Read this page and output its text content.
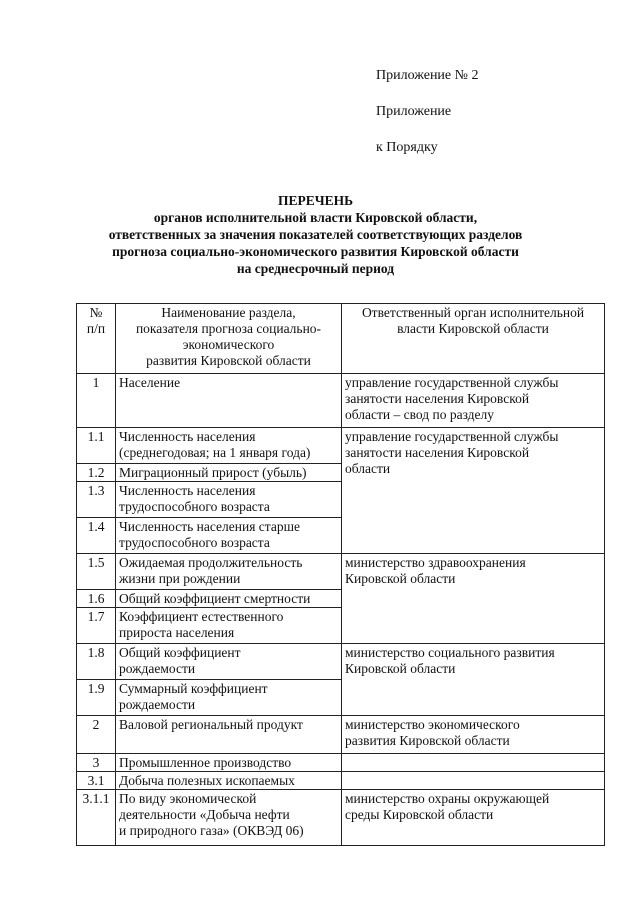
Приложение № 2
Приложение
к Порядку
ПЕРЕЧЕНЬ
органов исполнительной власти Кировской области,
ответственных за значения показателей соответствующих разделов
прогноза социально-экономического развития Кировской области
на среднесрочный период
№
п/п	Наименование раздела,
показателя прогноза социально-
экономического
развития Кировской области	Ответственный орган исполнительной
власти Кировской области

1	Население	управление государственной службы
занятости населения Кировской
области – свод по разделу

1.1	Численность населения
(среднегодовая; на 1 января года)	управление государственной службы
занятости населения Кировской
области

1.2	Миграционный прирост (убыль)	

1.3	Численность населения
трудоспособного возраста	

1.4	Численность населения старше
трудоспособного возраста	

1.5	Ожидаемая продолжительность
жизни при рождении	министерство здравоохранения
Кировской области

1.6	Общий коэффициент смертности	

1.7	Коэффициент естественного
прироста населения	

1.8	Общий коэффициент
рождаемости	министерство социального развития
Кировской области

1.9	Суммарный коэффициент
рождаемости	

2	Валовой региональный продукт	министерство экономического
развития Кировской области

3	Промышленное производство	

3.1	Добыча полезных ископаемых	

3.1.1	По виду экономической
деятельности «Добыча нефти
и природного газа» (ОКВЭД 06)	министерство охраны окружающей
среды Кировской области
